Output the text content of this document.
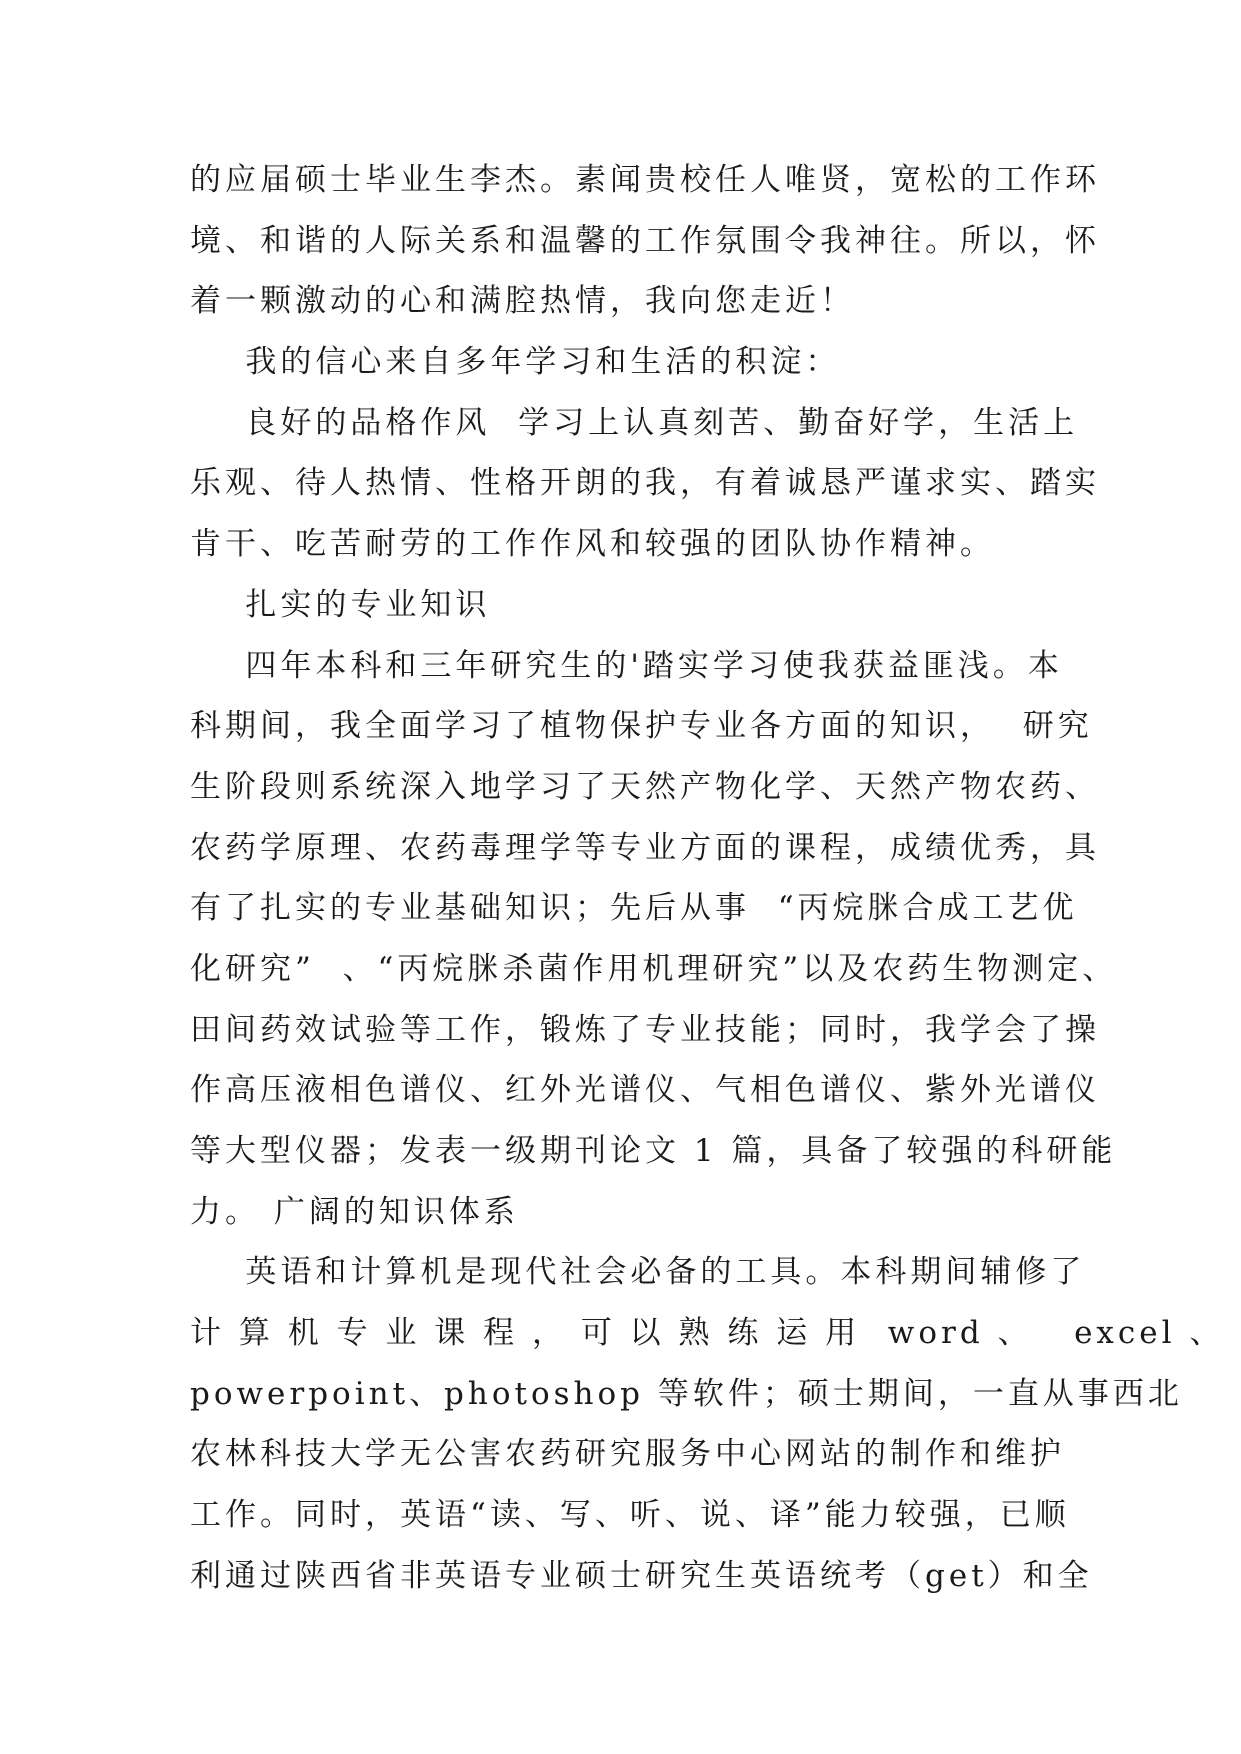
的应届硕士毕业生李杰。素闻贵校任人唯贤，宽松的工作环
境、和谐的人际关系和温馨的工作氛围令我神往。所以，怀
着一颗激动的心和满腔热情，我向您走近！
我的信心来自多年学习和生活的积淀：
良好的品格作风  学习上认真刻苦、勤奋好学，生活上
乐观、待人热情、性格开朗的我，有着诚恳严谨求实、踏实
肯干、吃苦耐劳的工作作风和较强的团队协作精神。
扎实的专业知识
四年本科和三年研究生的'踏实学习使我获益匪浅。本
科期间，我全面学习了植物保护专业各方面的知识，  研究
生阶段则系统深入地学习了天然产物化学、天然产物农药、
农药学原理、农药毒理学等专业方面的课程，成绩优秀，具
有了扎实的专业基础知识；先后从事  “丙烷脒合成工艺优
化研究”  、“丙烷脒杀菌作用机理研究”以及农药生物测定、
田间药效试验等工作，锻炼了专业技能；同时，我学会了操
作高压液相色谱仪、红外光谱仪、气相色谱仪、紫外光谱仪
等大型仪器；发表一级期刊论文 1 篇，具备了较强的科研能
力。 广阔的知识体系
英语和计算机是现代社会必备的工具。本科期间辅修了
计 算 机 专 业 课 程 ， 可 以 熟 练 运 用  word 、   excel 、
powerpoint、photoshop 等软件；硕士期间，一直从事西北
农林科技大学无公害农药研究服务中心网站的制作和维护
工作。同时，英语“读、写、听、说、译”能力较强，已顺
利通过陕西省非英语专业硕士研究生英语统考（get）和全
